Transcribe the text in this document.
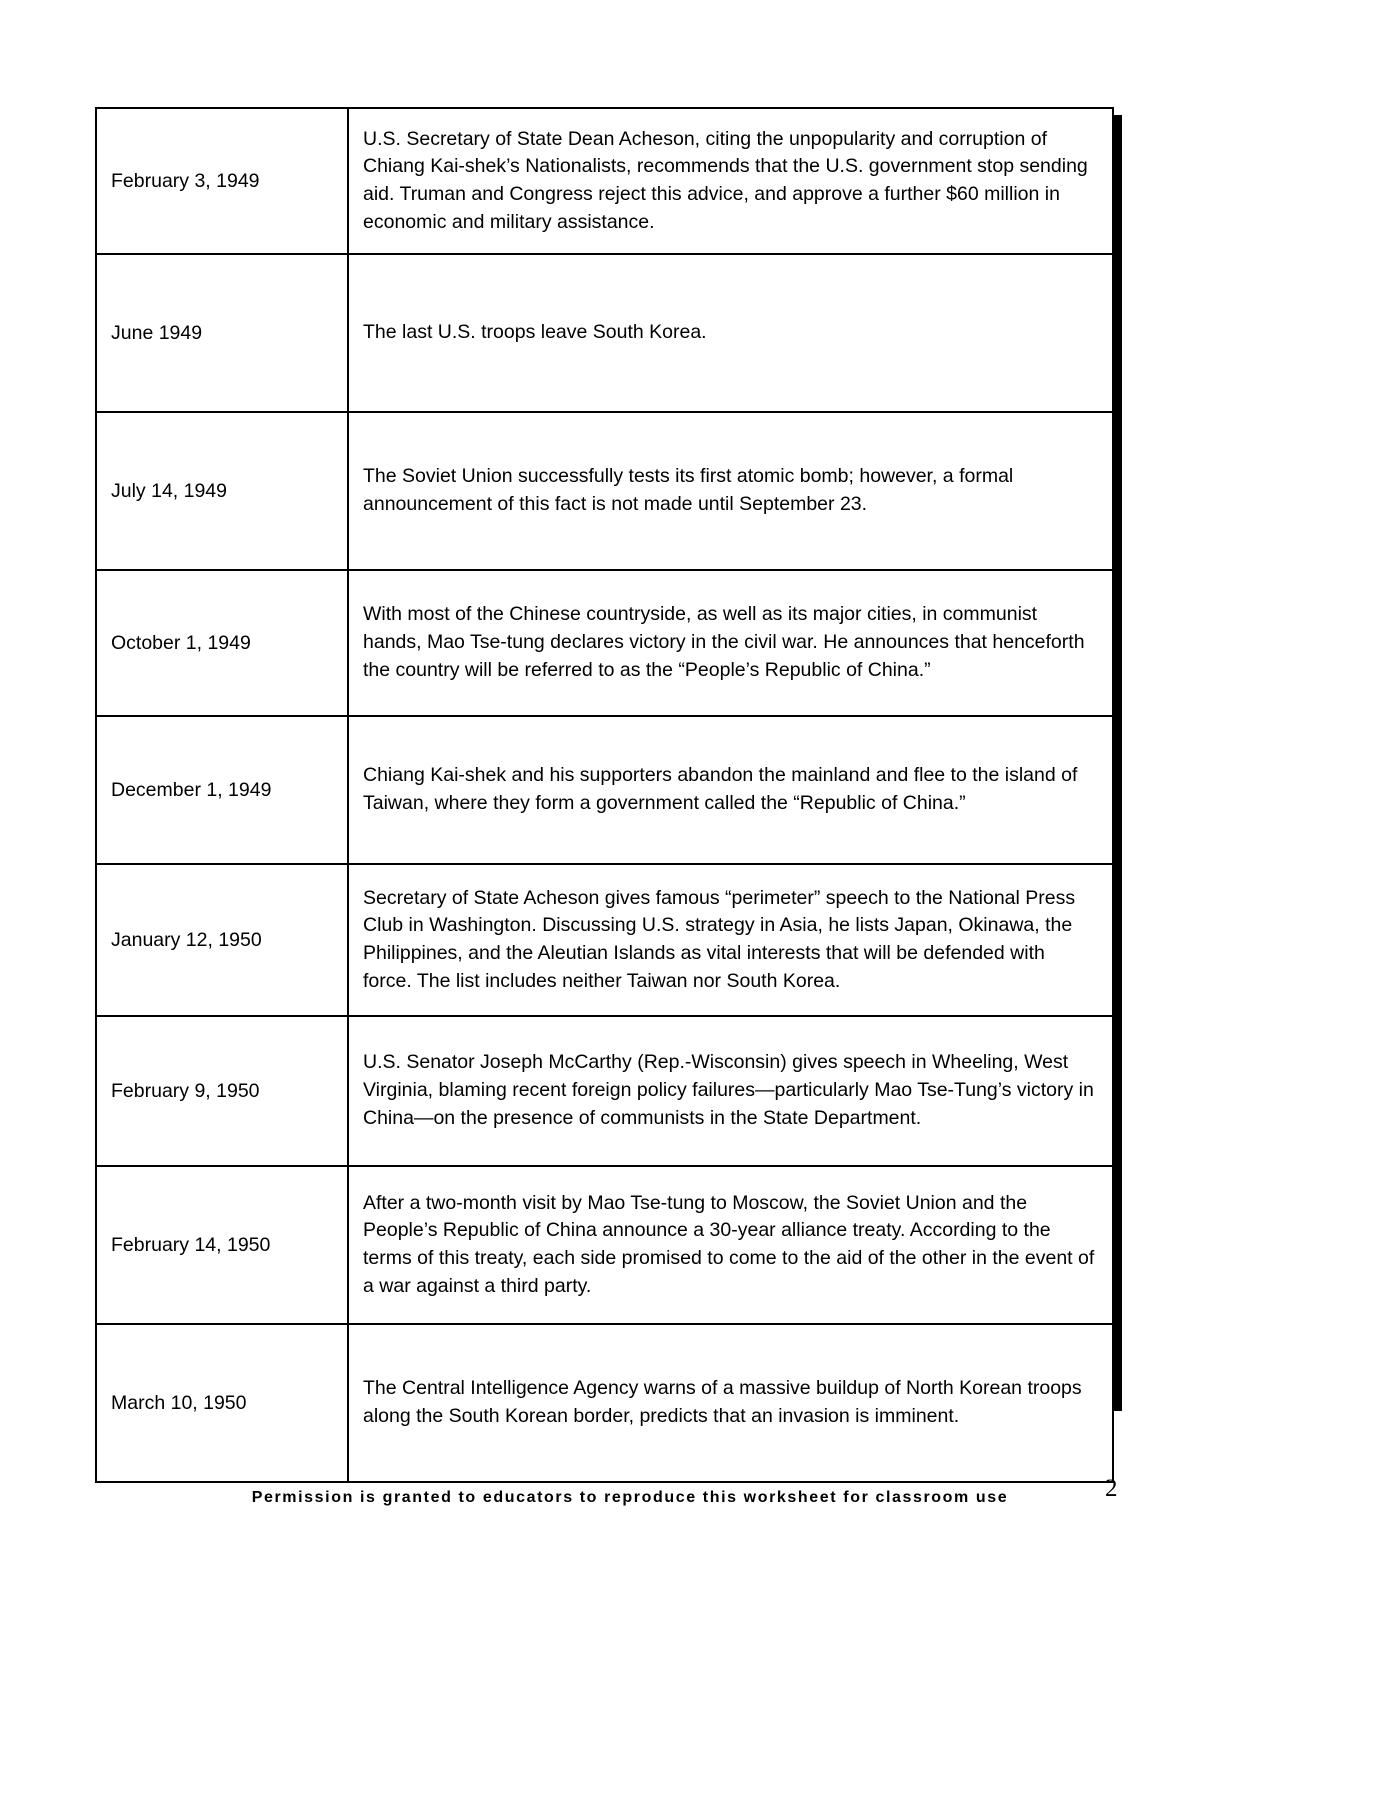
February 3, 1949	U.S. Secretary of State Dean Acheson, citing the unpopularity and corruption of Chiang Kai-shek’s Nationalists, recommends that the U.S. government stop sending aid. Truman and Congress reject this advice, and approve a further $60 million in economic and military assistance.
June 1949	The last U.S. troops leave South Korea.
July 14, 1949	The Soviet Union successfully tests its first atomic bomb; however, a formal announcement of this fact is not made until September 23.
October 1, 1949	With most of the Chinese countryside, as well as its major cities, in communist hands, Mao Tse-tung declares victory in the civil war. He announces that henceforth the country will be referred to as the “People’s Republic of China.”
December 1, 1949	Chiang Kai-shek and his supporters abandon the mainland and flee to the island of Taiwan, where they form a government called the “Republic of China.”
January 12, 1950	Secretary of State Acheson gives famous “perimeter” speech to the National Press Club in Washington. Discussing U.S. strategy in Asia, he lists Japan, Okinawa, the Philippines, and the Aleutian Islands as vital interests that will be defended with force. The list includes neither Taiwan nor South Korea.
February 9, 1950	U.S. Senator Joseph McCarthy (Rep.-Wisconsin) gives speech in Wheeling, West Virginia, blaming recent foreign policy failures—particularly Mao Tse-Tung’s victory in China—on the presence of communists in the State Department.
February 14, 1950	After a two-month visit by Mao Tse-tung to Moscow, the Soviet Union and the People’s Republic of China announce a 30-year alliance treaty. According to the terms of this treaty, each side promised to come to the aid of the other in the event of a war against a third party.
March 10, 1950	The Central Intelligence Agency warns of a massive buildup of North Korean troops along the South Korean border, predicts that an invasion is imminent.
Permission is granted to educators to reproduce this worksheet for classroom use	2
